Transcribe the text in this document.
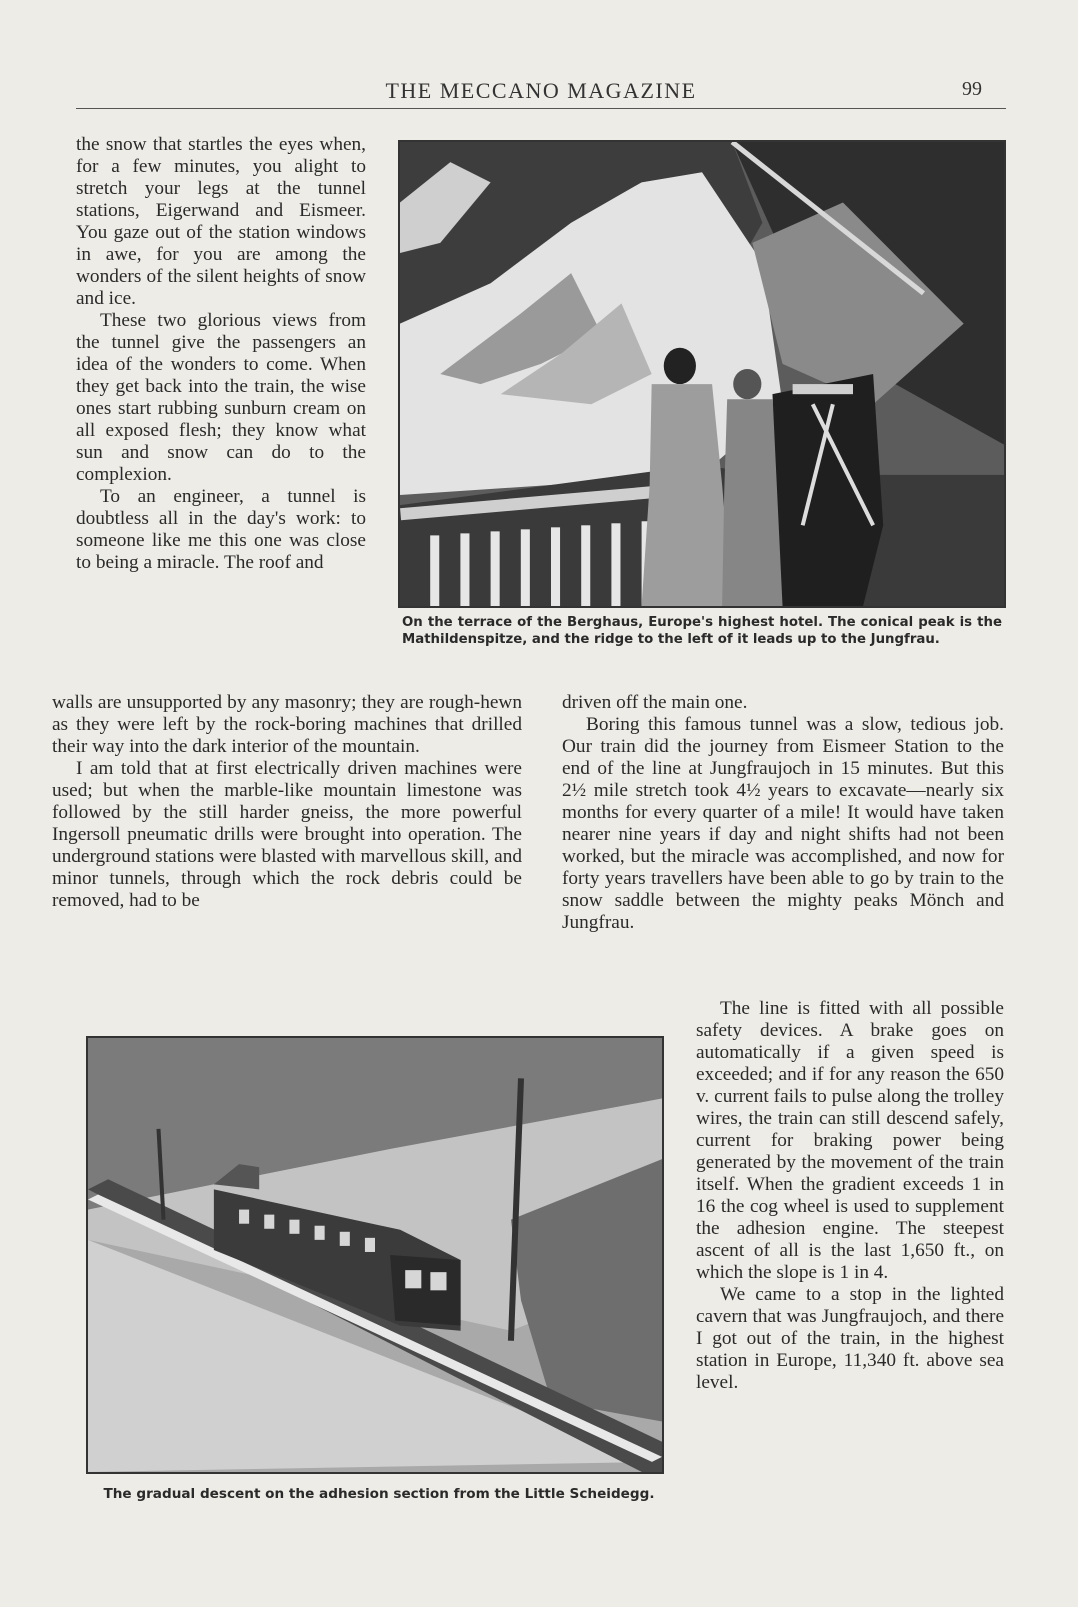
THE MECCANO MAGAZINE	99

the snow that startles the eyes when, for a few minutes, you alight to stretch your legs at the tunnel stations, Eigerwand and Eismeer. You gaze out of the station windows in awe, for you are among the wonders of the silent heights of snow and ice.

These two glorious views from the tunnel give the passengers an idea of the wonders to come. When they get back into the train, the wise ones start rubbing sunburn cream on all exposed flesh; they know what sun and snow can do to the complexion.

To an engineer, a tunnel is doubtless all in the day's work: to someone like me this one was close to being a miracle. The roof and

On the terrace of the Berghaus, Europe's highest hotel. The conical peak is the Mathildenspitze, and the ridge to the left of it leads up to the Jungfrau.

walls are unsupported by any masonry; they are rough-hewn as they were left by the rock-boring machines that drilled their way into the dark interior of the mountain.

I am told that at first electrically driven machines were used; but when the marble-like mountain limestone was followed by the still harder gneiss, the more powerful Ingersoll pneumatic drills were brought into operation. The underground stations were blasted with marvellous skill, and minor tunnels, through which the rock debris could be removed, had to be

driven off the main one.

Boring this famous tunnel was a slow, tedious job. Our train did the journey from Eismeer Station to the end of the line at Jungfraujoch in 15 minutes. But this 2½ mile stretch took 4½ years to excavate—nearly six months for every quarter of a mile! It would have taken nearer nine years if day and night shifts had not been worked, but the miracle was accomplished, and now for forty years travellers have been able to go by train to the snow saddle between the mighty peaks Mönch and Jungfrau.

The gradual descent on the adhesion section from the Little Scheidegg.

The line is fitted with all possible safety devices. A brake goes on automatically if a given speed is exceeded; and if for any reason the 650 v. current fails to pulse along the trolley wires, the train can still descend safely, current for braking power being generated by the movement of the train itself. When the gradient exceeds 1 in 16 the cog wheel is used to supplement the adhesion engine. The steepest ascent of all is the last 1,650 ft., on which the slope is 1 in 4.

We came to a stop in the lighted cavern that was Jungfraujoch, and there I got out of the train, in the highest station in Europe, 11,340 ft. above sea level.
